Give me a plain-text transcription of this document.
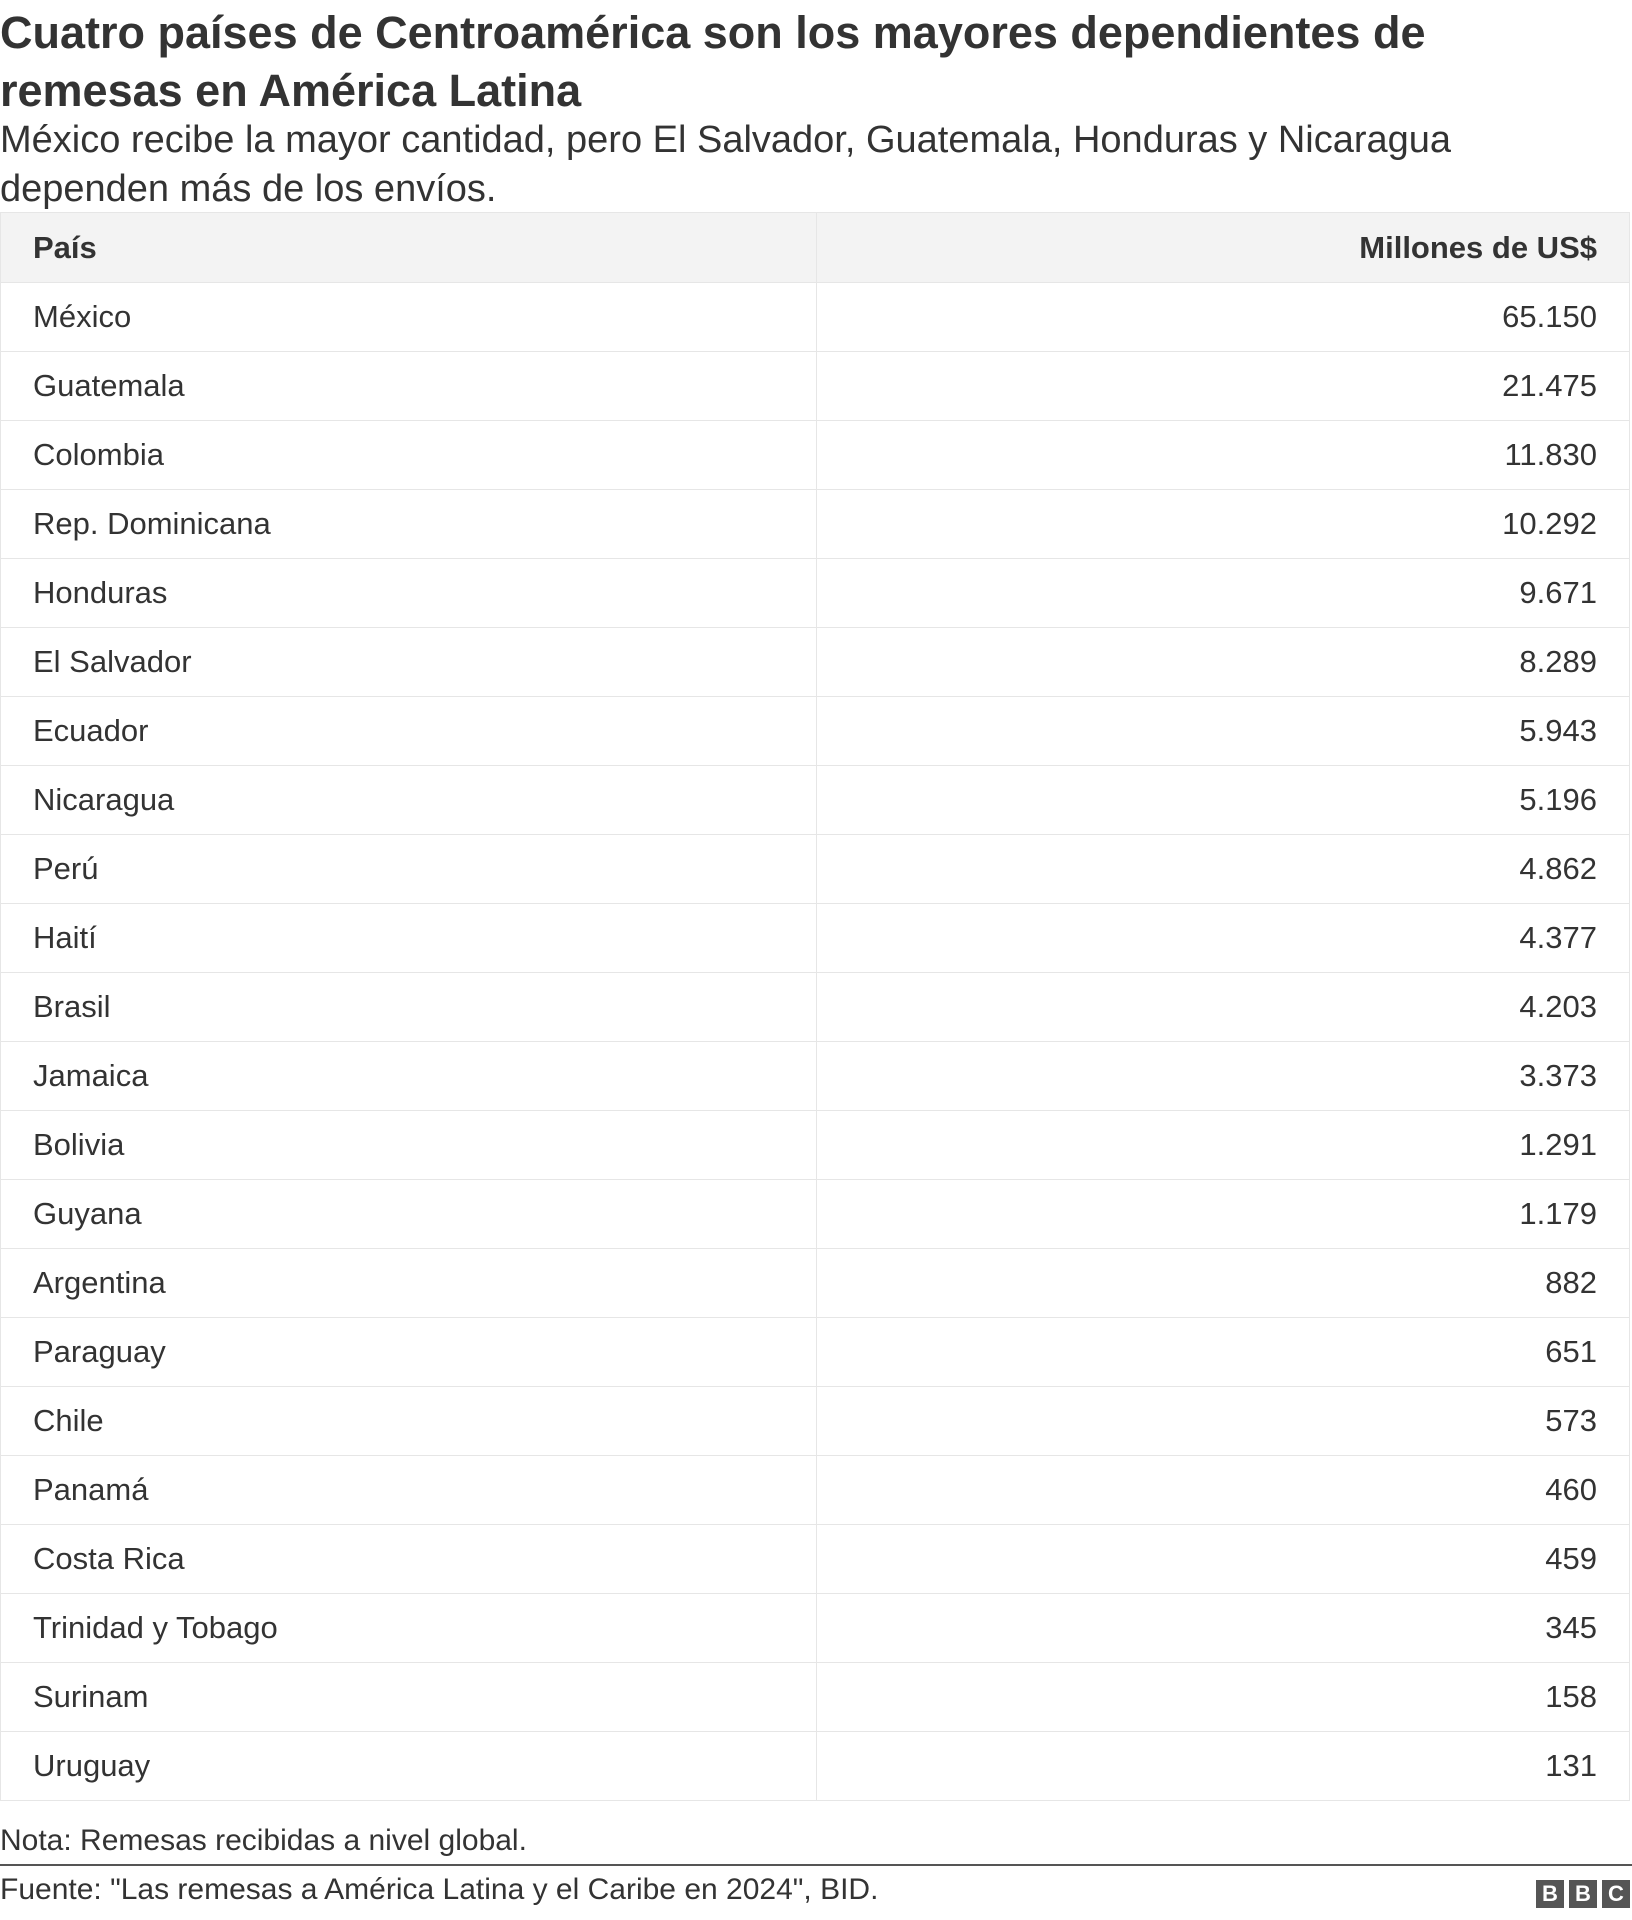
Cuatro países de Centroamérica son los mayores dependientes de remesas en América Latina

México recibe la mayor cantidad, pero El Salvador, Guatemala, Honduras y Nicaragua dependen más de los envíos.

País	Millones de US$
México	65.150
Guatemala	21.475
Colombia	11.830
Rep. Dominicana	10.292
Honduras	9.671
El Salvador	8.289
Ecuador	5.943
Nicaragua	5.196
Perú	4.862
Haití	4.377
Brasil	4.203
Jamaica	3.373
Bolivia	1.291
Guyana	1.179
Argentina	882
Paraguay	651
Chile	573
Panamá	460
Costa Rica	459
Trinidad y Tobago	345
Surinam	158
Uruguay	131
Nota: Remesas recibidas a nivel global.
Fuente: "Las remesas a América Latina y el Caribe en 2024", BID.	B B C
